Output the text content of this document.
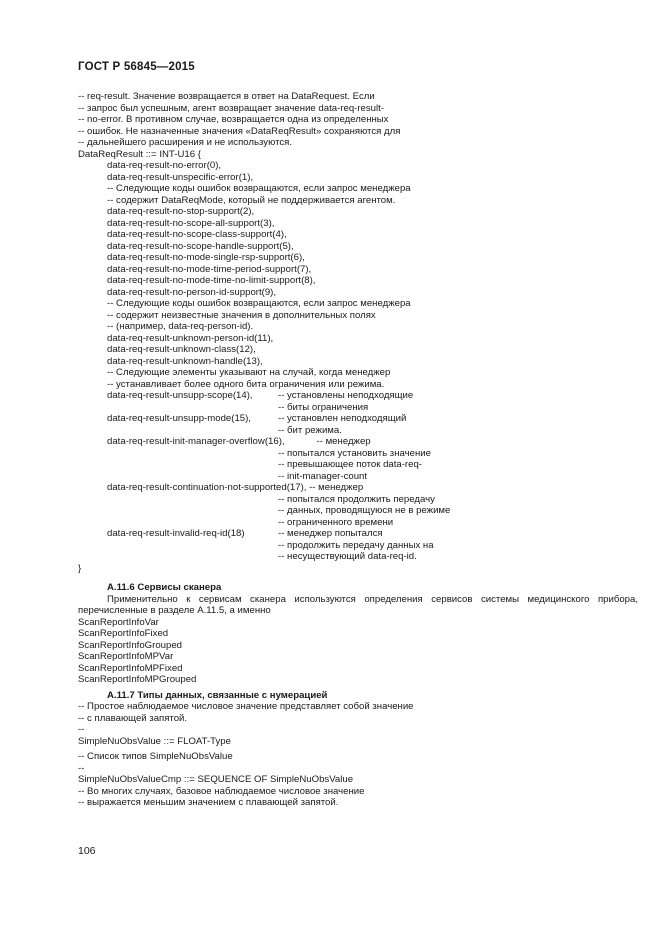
ГОСТ Р 56845—2015
-- req-result. Значение возвращается в ответ на DataRequest. Если
-- запрос был успешным, агент возвращает значение data-req-result-
-- no-error. В противном случае, возвращается одна из определенных
-- ошибок. Не назначенные значения «DataReqResult» сохраняются для
-- дальнейшего расширения и не используются.
DataReqResult ::= INT-U16 {
data-req-result-no-error(0),
data-req-result-unspecific-error(1),
-- Следующие коды ошибок возвращаются, если запрос менеджера
-- содержит DataReqMode, который не поддерживается агентом.
data-req-result-no-stop-support(2),
data-req-result-no-scope-all-support(3),
data-req-result-no-scope-class-support(4),
data-req-result-no-scope-handle-support(5),
data-req-result-no-mode-single-rsp-support(6),
data-req-result-no-mode-time-period-support(7),
data-req-result-no-mode-time-no-limit-support(8),
data-req-result-no-person-id-support(9),
-- Следующие коды ошибок возвращаются, если запрос менеджера
-- содержит неизвестные значения в дополнительных полях
-- (например, data-req-person-id).
data-req-result-unknown-person-id(11),
data-req-result-unknown-class(12),
data-req-result-unknown-handle(13),
-- Следующие элементы указывают на случай, когда менеджер
-- устанавливает более одного бита ограничения или режима.
data-req-result-unsupp-scope(14),	-- установлены неподходящие
-- биты ограничения
data-req-result-unsupp-mode(15),	-- установлен неподходящий
-- бит режима.
data-req-result-init-manager-overflow(16),            -- менеджер
-- попытался установить значение
-- превышающее поток data-req-
-- init-manager-count
data-req-result-continuation-not-supported(17), -- менеджер
-- попытался продолжить передачу
-- данных, проводящуюся не в режиме
-- ограниченного времени
data-req-result-invalid-req-id(18)	-- менеджер попытался
-- продолжить передачу данных на
-- несуществующий data-req-id.
}
А.11.6 Сервисы сканера
Применительно к сервисам сканера используются определения сервисов системы медицинского прибора, перечисленные в разделе А.11.5, а именно
ScanReportInfoVar
ScanReportInfoFixed
ScanReportInfoGrouped
ScanReportInfoMPVar
ScanReportInfoMPFixed
ScanReportInfoMPGrouped
А.11.7 Типы данных, связанные с нумерацией
-- Простое наблюдаемое числовое значение представляет собой значение
-- с плавающей запятой.
--
SimpleNuObsValue ::= FLOAT-Type
-- Список типов SimpleNuObsValue
--
SimpleNuObsValueCmp ::= SEQUENCE OF SimpleNuObsValue
-- Во многих случаях, базовое наблюдаемое числовое значение
-- выражается меньшим значением с плавающей запятой.
106
